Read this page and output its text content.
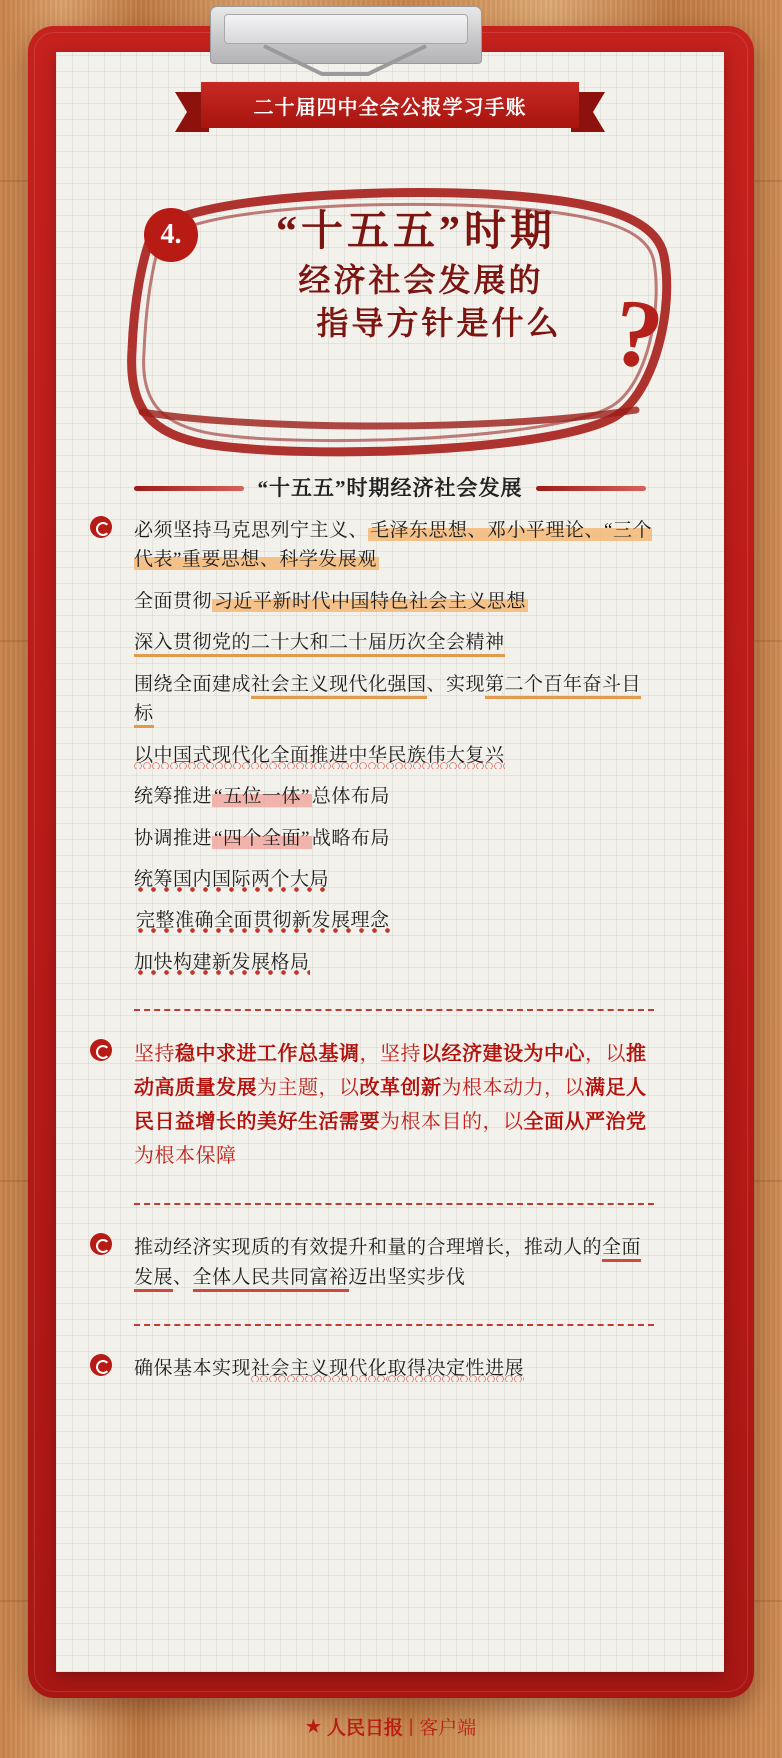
二十届四中全会公报学习手账
4.	“十五五”时期
经济社会发展的
指导方针是什么 ?
“十五五”时期经济社会发展

必须坚持马克思列宁主义、 毛泽东思想、邓小平理论、“三个代表”重要思想、科学发展观

全面贯彻 习近平新时代中国特色社会主义思想

深入贯彻党的二十大和二十届历次全会精神

围绕全面建成社会主义现代化强国、实现第二个百年奋斗目标

以中国式现代化全面推进中华民族伟大复兴

统筹推进 “五位一体” 总体布局

协调推进 “四个全面” 战略布局

统筹国内国际两个大局

完整准确全面贯彻新发展理念

加快构建新发展格局

坚持稳中求进工作总基调，坚持以经济建设为中心，以推动高质量发展为主题，以改革创新为根本动力，以满足人民日益增长的美好生活需要为根本目的，以全面从严治党为根本保障

推动经济实现质的有效提升和量的合理增长，推动人的全面发展、全体人民共同富裕迈出坚实步伐

确保基本实现社会主义现代化取得决定性进展

★ 人民日报 | 客户端
